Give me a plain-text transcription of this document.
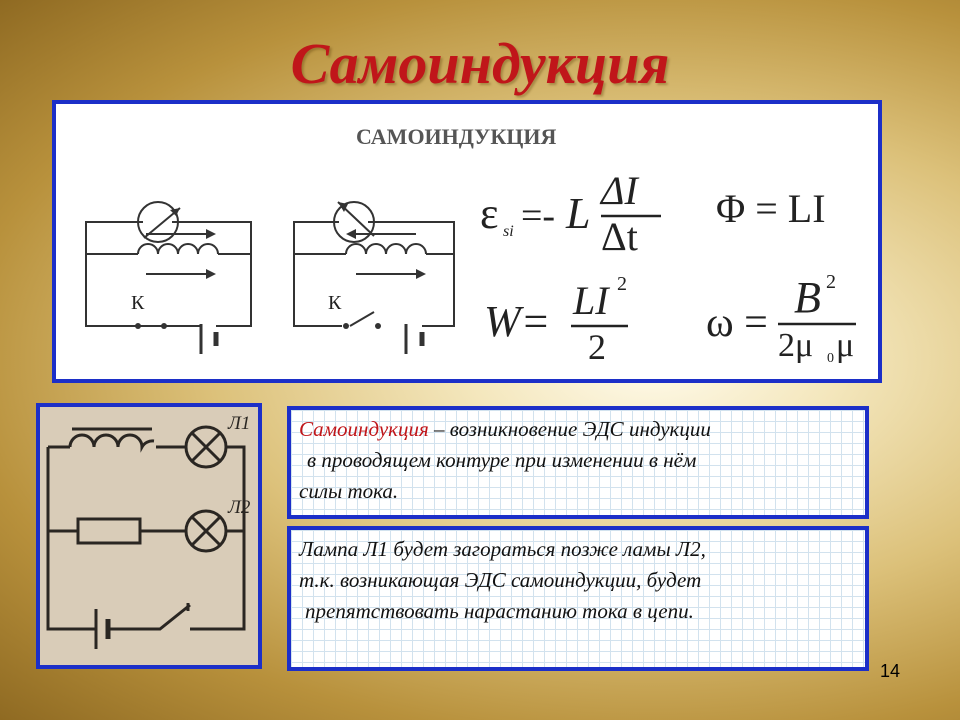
Самоиндукция
САМОИНДУКЦИЯ
К	К
ε si =- L ΔI
Δt
Φ = LI
W= LI 2
2
ω =
B 2
2μ 0 μ
Л1
Л2
Самоиндукция – возникновение ЭДС индукции
в проводящем контуре при изменении в нём
силы тока.
Лампа Л1 будет загораться позже ламы Л2,
т.к. возникающая ЭДС самоиндукции, будет
препятствовать нарастанию тока в цепи.
14
